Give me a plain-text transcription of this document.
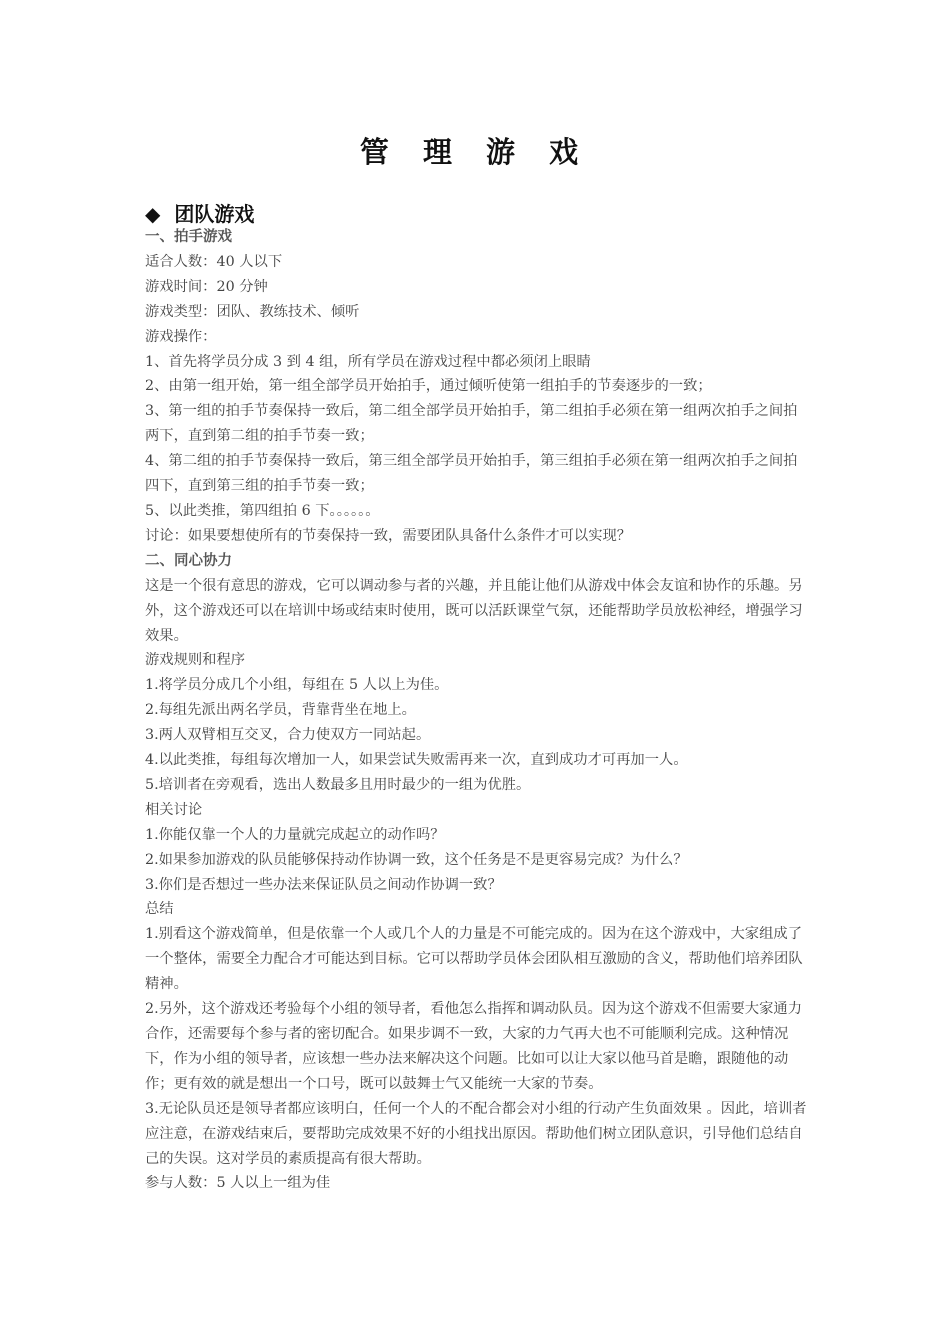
管 理 游 戏
◆ 团队游戏

一、拍手游戏

适合人数：40 人以下

游戏时间：20 分钟

游戏类型：团队、教练技术、倾听

游戏操作：

1、首先将学员分成 3 到 4 组，所有学员在游戏过程中都必须闭上眼睛

2、由第一组开始，第一组全部学员开始拍手，通过倾听使第一组拍手的节奏逐步的一致；

3、第一组的拍手节奏保持一致后，第二组全部学员开始拍手，第二组拍手必须在第一组两次拍手之间拍两下，直到第二组的拍手节奏一致；

4、第二组的拍手节奏保持一致后，第三组全部学员开始拍手，第三组拍手必须在第一组两次拍手之间拍四下，直到第三组的拍手节奏一致；

5、以此类推，第四组拍 6 下。。。。。。

讨论：如果要想使所有的节奏保持一致，需要团队具备什么条件才可以实现？

二、同心协力

这是一个很有意思的游戏，它可以调动参与者的兴趣，并且能让他们从游戏中体会友谊和协作的乐趣。另外，这个游戏还可以在培训中场或结束时使用，既可以活跃课堂气氛，还能帮助学员放松神经，增强学习效果。

游戏规则和程序

1.将学员分成几个小组，每组在 5 人以上为佳。

2.每组先派出两名学员，背靠背坐在地上。

3.两人双臂相互交叉，合力使双方一同站起。

4.以此类推，每组每次增加一人，如果尝试失败需再来一次，直到成功才可再加一人。

5.培训者在旁观看，选出人数最多且用时最少的一组为优胜。

相关讨论

1.你能仅靠一个人的力量就完成起立的动作吗？

2.如果参加游戏的队员能够保持动作协调一致，这个任务是不是更容易完成？为什么？

3.你们是否想过一些办法来保证队员之间动作协调一致？

总结

1.别看这个游戏简单，但是依靠一个人或几个人的力量是不可能完成的。因为在这个游戏中，大家组成了一个整体，需要全力配合才可能达到目标。它可以帮助学员体会团队相互激励的含义，帮助他们培养团队精神。

2.另外，这个游戏还考验每个小组的领导者，看他怎么指挥和调动队员。因为这个游戏不但需要大家通力合作，还需要每个参与者的密切配合。如果步调不一致，大家的力气再大也不可能顺利完成。这种情况下，作为小组的领导者，应该想一些办法来解决这个问题。比如可以让大家以他马首是瞻，跟随他的动作；更有效的就是想出一个口号，既可以鼓舞士气又能统一大家的节奏。

3.无论队员还是领导者都应该明白，任何一个人的不配合都会对小组的行动产生负面效果 。因此，培训者应注意，在游戏结束后，要帮助完成效果不好的小组找出原因。帮助他们树立团队意识，引导他们总结自己的失误。这对学员的素质提高有很大帮助。

参与人数：5 人以上一组为佳
